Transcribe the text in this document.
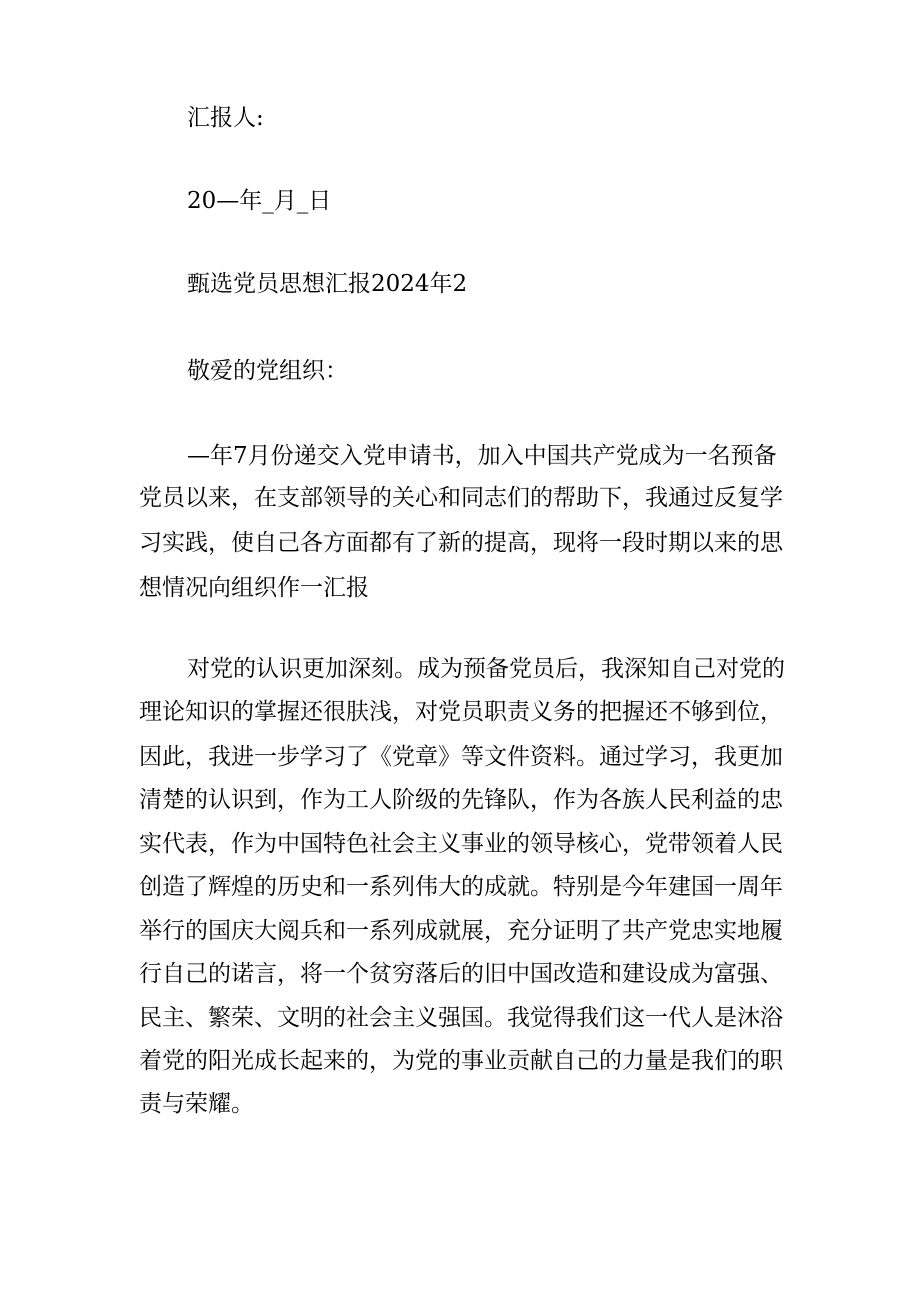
汇报人:

20—年_月_日

甄选党员思想汇报2024年2

敬爱的党组织：

—年7月份递交入党申请书，加入中国共产党成为一名预备

党员以来，在支部领导的关心和同志们的帮助下，我通过反复学

习实践，使自己各方面都有了新的提高，现将一段时期以来的思

想情况向组织作一汇报

对党的认识更加深刻。成为预备党员后，我深知自己对党的

理论知识的掌握还很肤浅，对党员职责义务的把握还不够到位，

因此，我进一步学习了《党章》等文件资料。通过学习，我更加

清楚的认识到，作为工人阶级的先锋队，作为各族人民利益的忠

实代表，作为中国特色社会主义事业的领导核心，党带领着人民

创造了辉煌的历史和一系列伟大的成就。特别是今年建国一周年

举行的国庆大阅兵和一系列成就展，充分证明了共产党忠实地履

行自己的诺言，将一个贫穷落后的旧中国改造和建设成为富强、

民主、繁荣、文明的社会主义强国。我觉得我们这一代人是沐浴

着党的阳光成长起来的，为党的事业贡献自己的力量是我们的职

责与荣耀。
